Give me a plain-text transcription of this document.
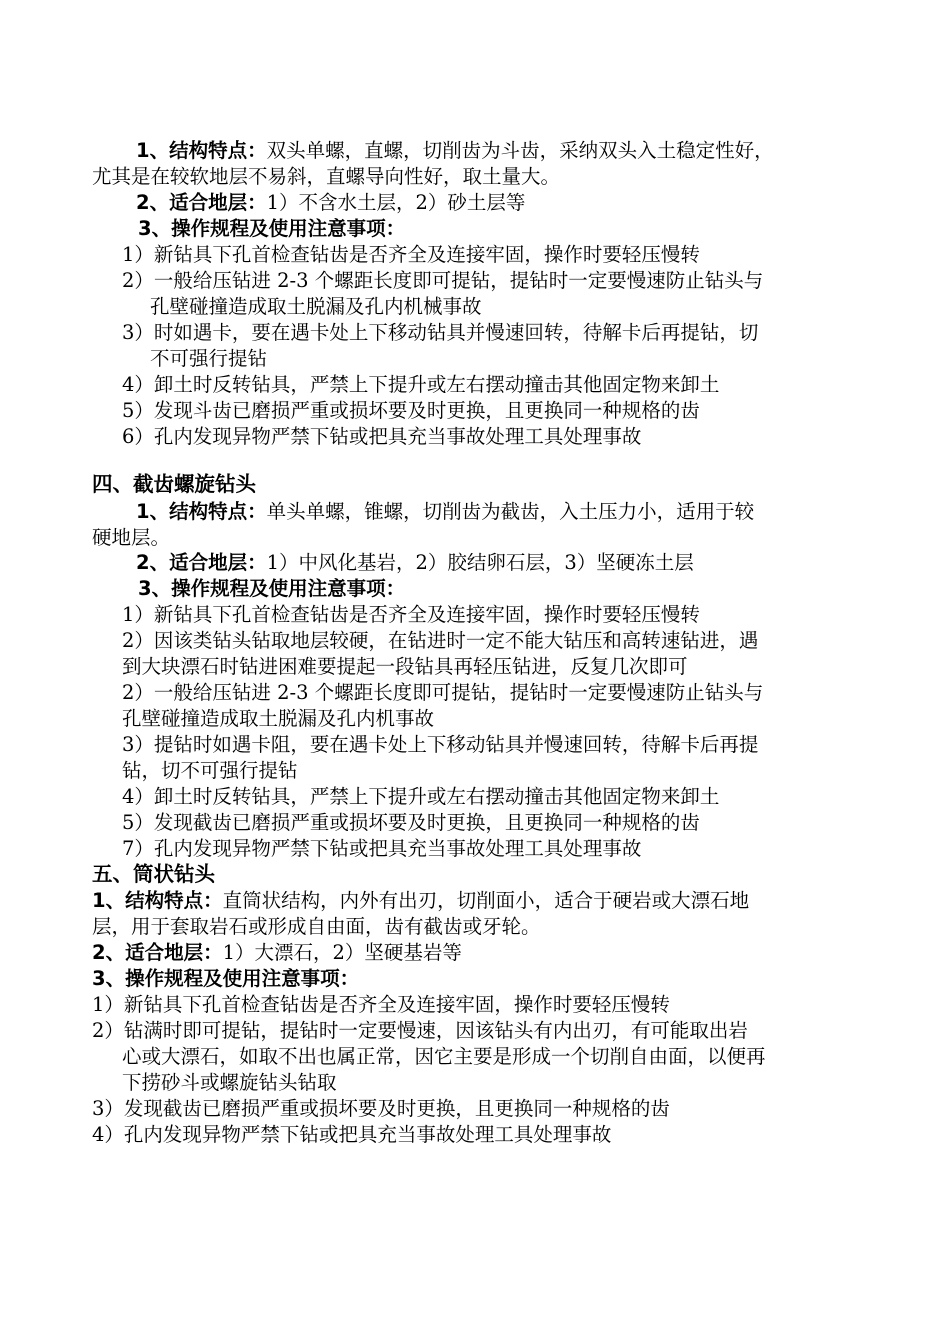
1、结构特点：双头单螺，直螺，切削齿为斗齿，采纳双头入土稳定性好，
尤其是在较软地层不易斜，直螺导向性好，取土量大。
2、适合地层：1）不含水土层，2）砂土层等
3、操作规程及使用注意事项：
1）新钻具下孔首检查钻齿是否齐全及连接牢固，操作时要轻压慢转
2）一般给压钻进 2-3 个螺距长度即可提钻，提钻时一定要慢速防止钻头与
孔壁碰撞造成取土脱漏及孔内机械事故
3）时如遇卡，要在遇卡处上下移动钻具并慢速回转，待解卡后再提钻，切
不可强行提钻
4）卸土时反转钻具，严禁上下提升或左右摆动撞击其他固定物来卸土
5）发现斗齿已磨损严重或损坏要及时更换，且更换同一种规格的齿
6）孔内发现异物严禁下钻或把具充当事故处理工具处理事故
四、截齿螺旋钻头
1、结构特点：单头单螺，锥螺，切削齿为截齿，入土压力小，适用于较
硬地层。
2、适合地层：1）中风化基岩，2）胶结卵石层，3）坚硬冻土层
3、操作规程及使用注意事项：
1）新钻具下孔首检查钻齿是否齐全及连接牢固，操作时要轻压慢转
2）因该类钻头钻取地层较硬，在钻进时一定不能大钻压和高转速钻进，遇
到大块漂石时钻进困难要提起一段钻具再轻压钻进，反复几次即可
2）一般给压钻进 2-3 个螺距长度即可提钻，提钻时一定要慢速防止钻头与
孔壁碰撞造成取土脱漏及孔内机事故
3）提钻时如遇卡阻，要在遇卡处上下移动钻具并慢速回转，待解卡后再提
钻，切不可强行提钻
4）卸土时反转钻具，严禁上下提升或左右摆动撞击其他固定物来卸土
5）发现截齿已磨损严重或损坏要及时更换，且更换同一种规格的齿
7）孔内发现异物严禁下钻或把具充当事故处理工具处理事故
五、筒状钻头
1、结构特点：直筒状结构，内外有出刃，切削面小，适合于硬岩或大漂石地
层，用于套取岩石或形成自由面，齿有截齿或牙轮。
2、适合地层：1）大漂石，2）坚硬基岩等
3、操作规程及使用注意事项：
1）新钻具下孔首检查钻齿是否齐全及连接牢固，操作时要轻压慢转
2）钻满时即可提钻，提钻时一定要慢速，因该钻头有内出刃，有可能取出岩
心或大漂石，如取不出也属正常，因它主要是形成一个切削自由面，以便再
下捞砂斗或螺旋钻头钻取
3）发现截齿已磨损严重或损坏要及时更换，且更换同一种规格的齿
4）孔内发现异物严禁下钻或把具充当事故处理工具处理事故
